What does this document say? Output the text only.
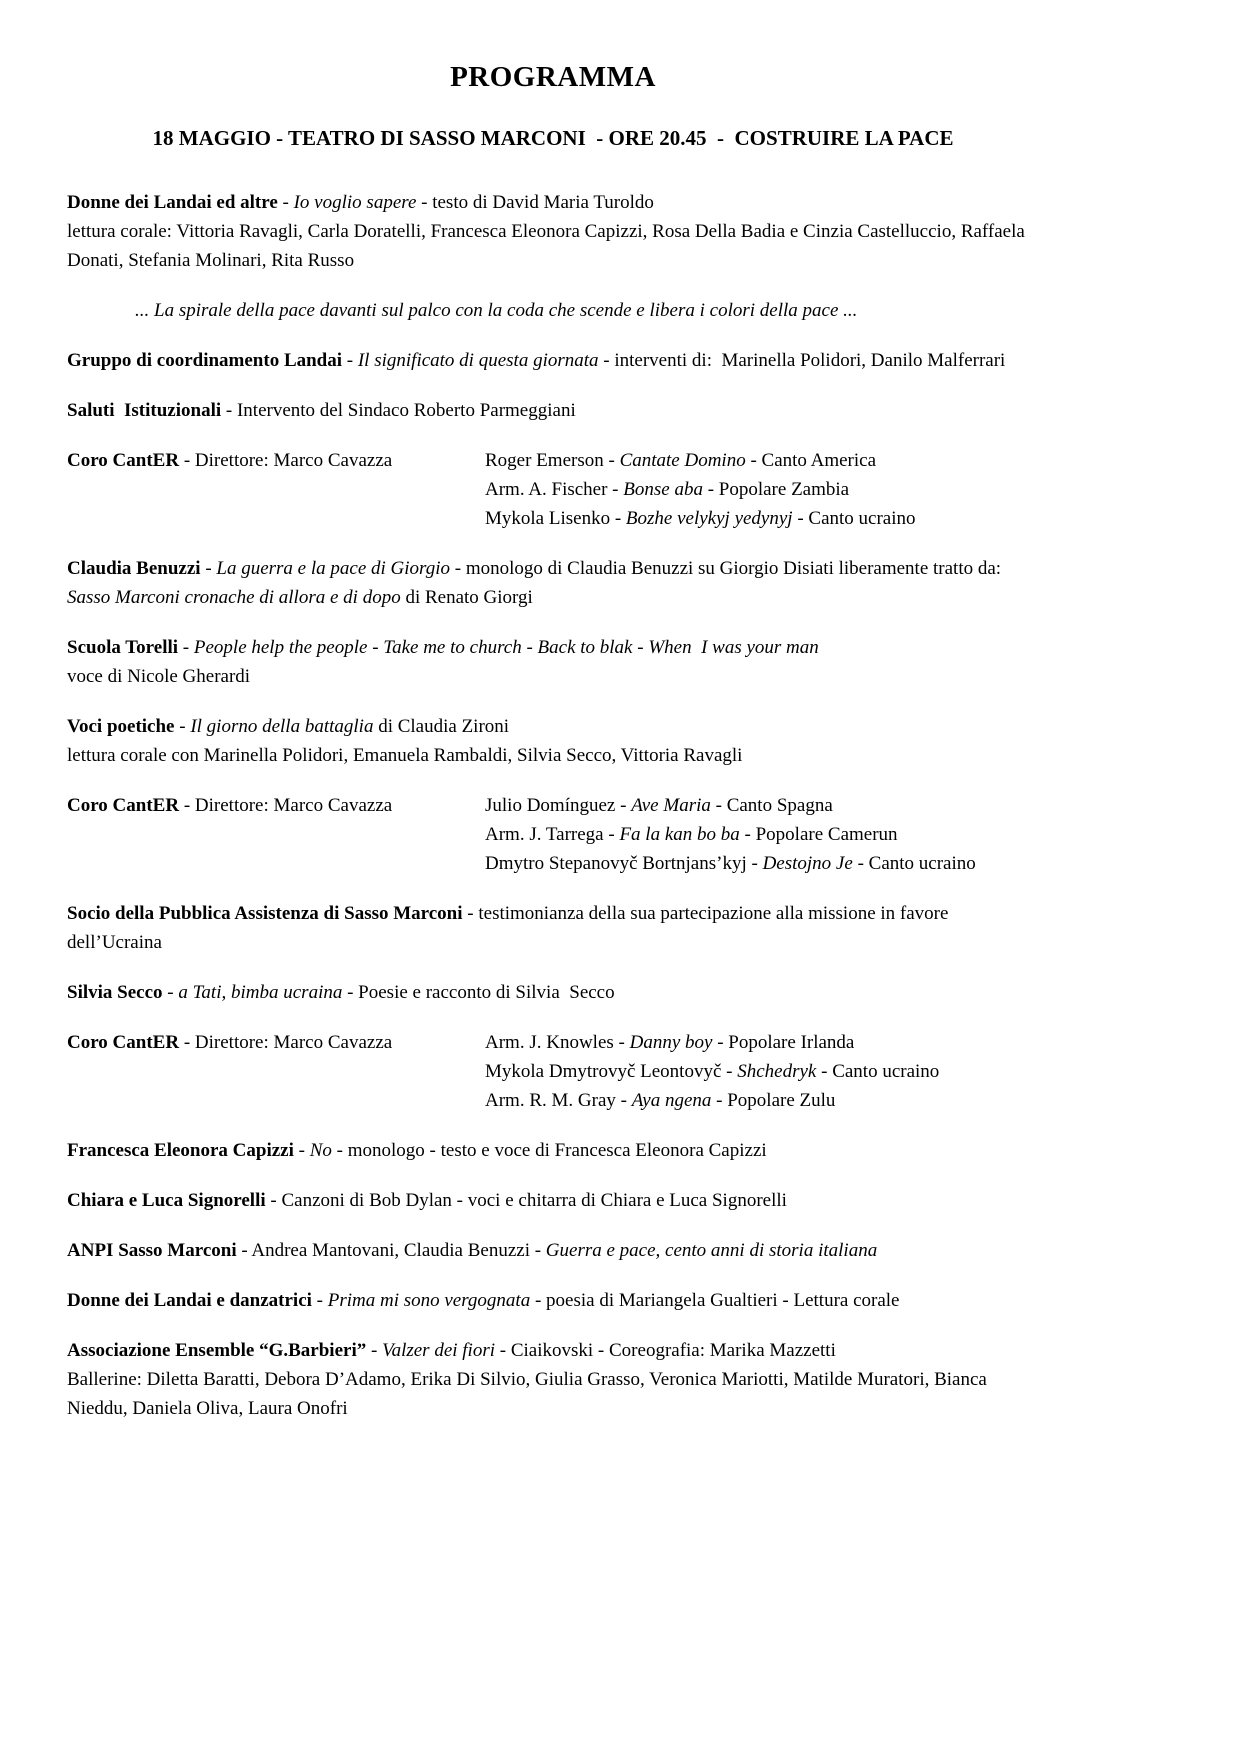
PROGRAMMA
18 MAGGIO - TEATRO DI SASSO MARCONI  - ORE 20.45  -  COSTRUIRE LA PACE

Donne dei Landai ed altre - Io voglio sapere - testo di David Maria Turoldo
lettura corale: Vittoria Ravagli, Carla Doratelli, Francesca Eleonora Capizzi, Rosa Della Badia e Cinzia Castelluccio, Raffaela Donati, Stefania Molinari, Rita Russo

... La spirale della pace davanti sul palco con la coda che scende e libera i colori della pace ...

Gruppo di coordinamento Landai - Il significato di questa giornata - interventi di:  Marinella Polidori, Danilo Malferrari

Saluti  Istituzionali - Intervento del Sindaco Roberto Parmeggiani

Coro CantER - Direttore: Marco Cavazza	Roger Emerson - Cantate Domino - Canto America
Arm. A. Fischer - Bonse aba - Popolare Zambia
Mykola Lisenko - Bozhe velykyj yedynyj - Canto ucraino

Claudia Benuzzi - La guerra e la pace di Giorgio - monologo di Claudia Benuzzi su Giorgio Disiati liberamente tratto da: Sasso Marconi cronache di allora e di dopo di Renato Giorgi

Scuola Torelli - People help the people - Take me to church - Back to blak - When  I was your man
voce di Nicole Gherardi

Voci poetiche - Il giorno della battaglia di Claudia Zironi
lettura corale con Marinella Polidori, Emanuela Rambaldi, Silvia Secco, Vittoria Ravagli

Coro CantER - Direttore: Marco Cavazza	Julio Domínguez - Ave Maria - Canto Spagna
Arm. J. Tarrega - Fa la kan bo ba - Popolare Camerun
Dmytro Stepanovyč Bortnjans’kyj - Destojno Je - Canto ucraino

Socio della Pubblica Assistenza di Sasso Marconi - testimonianza della sua partecipazione alla missione in favore dell’Ucraina

Silvia Secco - a Tati, bimba ucraina - Poesie e racconto di Silvia  Secco

Coro CantER - Direttore: Marco Cavazza	Arm. J. Knowles - Danny boy - Popolare Irlanda
Mykola Dmytrovyč Leontovyč - Shchedryk - Canto ucraino
Arm. R. M. Gray - Aya ngena - Popolare Zulu

Francesca Eleonora Capizzi - No - monologo - testo e voce di Francesca Eleonora Capizzi

Chiara e Luca Signorelli - Canzoni di Bob Dylan - voci e chitarra di Chiara e Luca Signorelli

ANPI Sasso Marconi - Andrea Mantovani, Claudia Benuzzi - Guerra e pace, cento anni di storia italiana

Donne dei Landai e danzatrici - Prima mi sono vergognata - poesia di Mariangela Gualtieri - Lettura corale

Associazione Ensemble “G.Barbieri” - Valzer dei fiori - Ciaikovski - Coreografia: Marika Mazzetti
Ballerine: Diletta Baratti, Debora D’Adamo, Erika Di Silvio, Giulia Grasso, Veronica Mariotti, Matilde Muratori, Bianca Nieddu, Daniela Oliva, Laura Onofri
